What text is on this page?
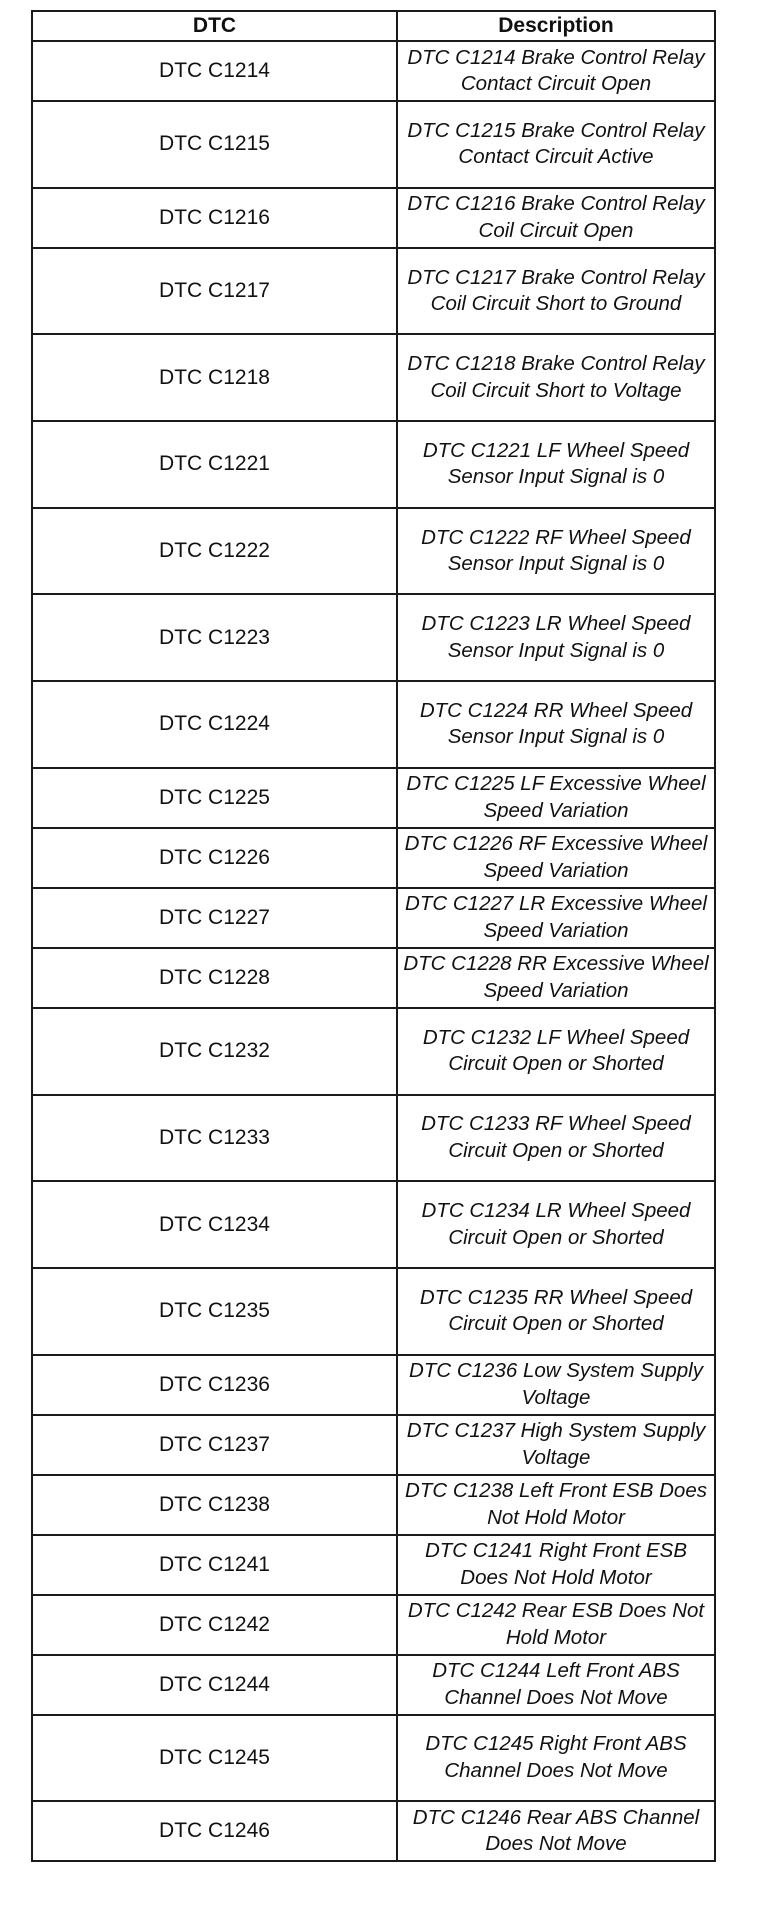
DTC	Description
DTC C1214	DTC C1214 Brake Control Relay Contact Circuit Open
DTC C1215	DTC C1215 Brake Control Relay Contact Circuit Active
DTC C1216	DTC C1216 Brake Control Relay Coil Circuit Open
DTC C1217	DTC C1217 Brake Control Relay Coil Circuit Short to Ground
DTC C1218	DTC C1218 Brake Control Relay Coil Circuit Short to Voltage
DTC C1221	DTC C1221 LF Wheel Speed Sensor Input Signal is 0
DTC C1222	DTC C1222 RF Wheel Speed Sensor Input Signal is 0
DTC C1223	DTC C1223 LR Wheel Speed Sensor Input Signal is 0
DTC C1224	DTC C1224 RR Wheel Speed Sensor Input Signal is 0
DTC C1225	DTC C1225 LF Excessive Wheel Speed Variation
DTC C1226	DTC C1226 RF Excessive Wheel Speed Variation
DTC C1227	DTC C1227 LR Excessive Wheel Speed Variation
DTC C1228	DTC C1228 RR Excessive Wheel Speed Variation
DTC C1232	DTC C1232 LF Wheel Speed Circuit Open or Shorted
DTC C1233	DTC C1233 RF Wheel Speed Circuit Open or Shorted
DTC C1234	DTC C1234 LR Wheel Speed Circuit Open or Shorted
DTC C1235	DTC C1235 RR Wheel Speed Circuit Open or Shorted
DTC C1236	DTC C1236 Low System Supply Voltage
DTC C1237	DTC C1237 High System Supply Voltage
DTC C1238	DTC C1238 Left Front ESB Does Not Hold Motor
DTC C1241	DTC C1241 Right Front ESB Does Not Hold Motor
DTC C1242	DTC C1242 Rear ESB Does Not Hold Motor
DTC C1244	DTC C1244 Left Front ABS Channel Does Not Move
DTC C1245	DTC C1245 Right Front ABS Channel Does Not Move
DTC C1246	DTC C1246 Rear ABS Channel Does Not Move
